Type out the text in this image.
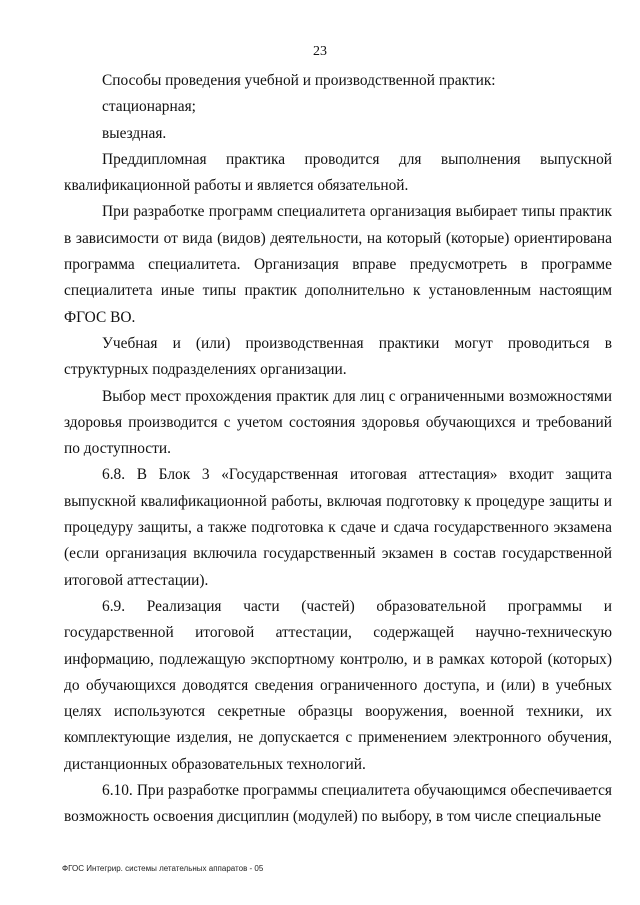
23

Способы проведения учебной и производственной практик:

стационарная;

выездная.

Преддипломная практика проводится для выполнения выпускной квалификационной работы и является обязательной.

При разработке программ специалитета организация выбирает типы практик в зависимости от вида (видов) деятельности, на который (которые) ориентирована программа специалитета. Организация вправе предусмотреть в программе специалитета иные типы практик дополнительно к установленным настоящим ФГОС ВО.

Учебная и (или) производственная практики могут проводиться в структурных подразделениях организации.

Выбор мест прохождения практик для лиц с ограниченными возможностями здоровья производится с учетом состояния здоровья обучающихся и требований по доступности.

6.8. В Блок 3 «Государственная итоговая аттестация» входит защита выпускной квалификационной работы, включая подготовку к процедуре защиты и процедуру защиты, а также подготовка к сдаче и сдача государственного экзамена (если организация включила государственный экзамен в состав государственной итоговой аттестации).

6.9. Реализация части (частей) образовательной программы и государственной итоговой аттестации, содержащей научно-техническую информацию, подлежащую экспортному контролю, и в рамках которой (которых) до обучающихся доводятся сведения ограниченного доступа, и (или) в учебных целях используются секретные образцы вооружения, военной техники, их комплектующие изделия, не допускается с применением электронного обучения, дистанционных образовательных технологий.

6.10. При разработке программы специалитета обучающимся обеспечивается возможность освоения дисциплин (модулей) по выбору, в том числе специальные

ФГОС Интегрир. системы летательных аппаратов - 05
